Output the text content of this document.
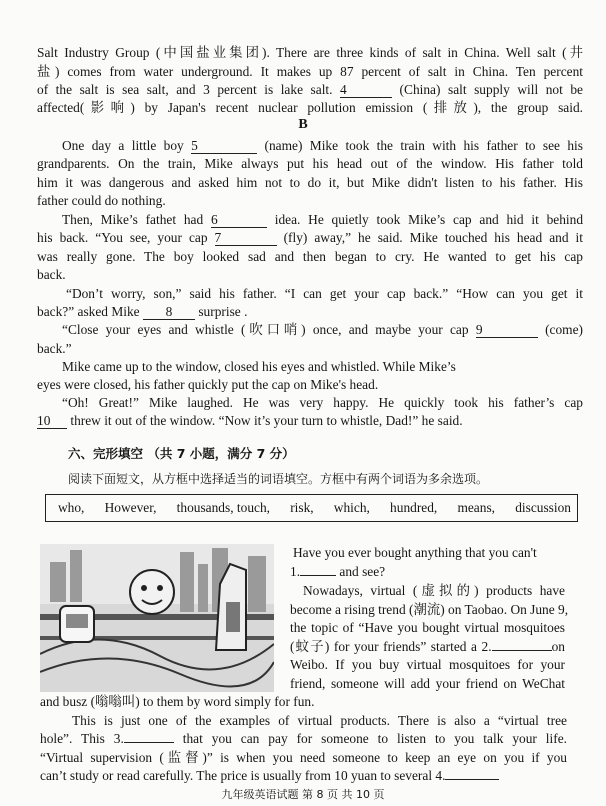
Salt Industry Group (中国盐业集团). There are three kinds of salt in China. Well salt (井
盐) comes from water underground. It makes up 87 percent of salt in China. Ten percent
of the salt is sea salt, and 3 percent is lake salt. 4	(China) salt supply will not be
affected(影响) by Japan's recent nuclear pollution emission (排放), the group said.
B
One day a little boy 5	(name) Mike took the train with his father to see his
grandparents. On the train, Mike always put his head out of the window. His father told
him it was dangerous and asked him not to do it, but Mike didn't listen to his father. His
father could do nothing.
Then, Mike’s fathet had 6	idea. He quietly took Mike’s cap and hid it behind
his back. “You see, your cap 7	(fly) away,” he said. Mike touched his head and it
was really gone. The boy looked sad and then began to cry. He wanted to get his cap
back.
“Don’t worry, son,” said his father. “I can get your cap back.” “How can you get it
back?” asked Mike 8 surprise .
“Close your eyes and whistle (吹口哨) once, and maybe your cap 9	(come)
back.”
Mike came up to the window, closed his eyes and whistled. While Mike’s
eyes were closed, his father quickly put the cap on Mike's head.
“Oh! Great!” Mike laughed. He was very happy. He quickly took his father’s cap
10 threw it out of the window. “Now it’s your turn to whistle, Dad!” he said.
六、完形填空 （共 7 小题，满分 7 分）
阅读下面短文，从方框中选择适当的词语填空。方框中有两个词语为多余选项。
who, However, thousands, touch, risk, which, hundred, means, discussion
Have you ever bought anything that you can't
1.	and see?
Nowadays, virtual (虚拟的) products have
become a rising trend (潮流) on Taobao. On June 9,
the topic of “Have you bought virtual mosquitoes
(蚊子) for your friends” started a 2.	on
Weibo. If you buy virtual mosquitoes for your
friend, someone will add your friend on WeChat
and busz (嗡嗡叫) to them by word simply for fun.
This is just one of the examples of virtual products. There is also a “virtual tree
hole”. This 3.	that you can pay for someone to listen to you talk your life.
“Virtual supervision (监督)” is when you need someone to keep an eye on you if you
can’t study or read carefully. The price is usually from 10 yuan to several 4.
九年级英语试题 第 8 页 共 10 页
